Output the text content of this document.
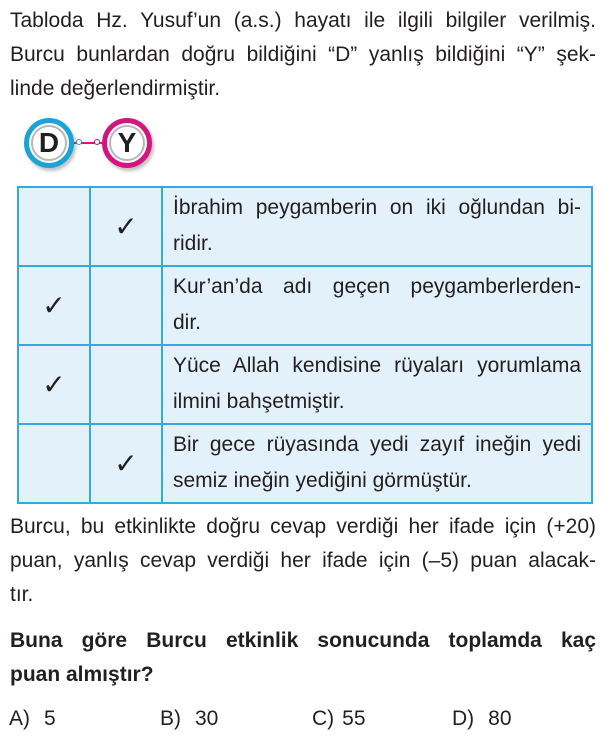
Tabloda Hz. Yusuf’un (a.s.) hayatı ile ilgili bilgiler verilmiş.
Burcu bunlardan doğru bildiğini “D” yanlış bildiğini “Y” şek-
linde değerlendirmiştir.
D Y
	✓	İbrahim peygamberin on iki oğlundan bi-
ridir.

✓		Kur’an’da adı geçen peygamberlerden-
dir.

✓		Yüce Allah kendisine rüyaları yorumlama
ilmini bahşetmiştir.

	✓	Bir gece rüyasında yedi zayıf ineğin yedi
semiz ineğin yediğini görmüştür.
Burcu, bu etkinlikte doğru cevap verdiği her ifade için (+20)
puan, yanlış cevap verdiği her ifade için (–5) puan alacak-
tır.
Buna göre Burcu etkinlik sonucunda toplamda kaç
puan almıştır?
A) 5	B) 30	C) 55	D) 80
